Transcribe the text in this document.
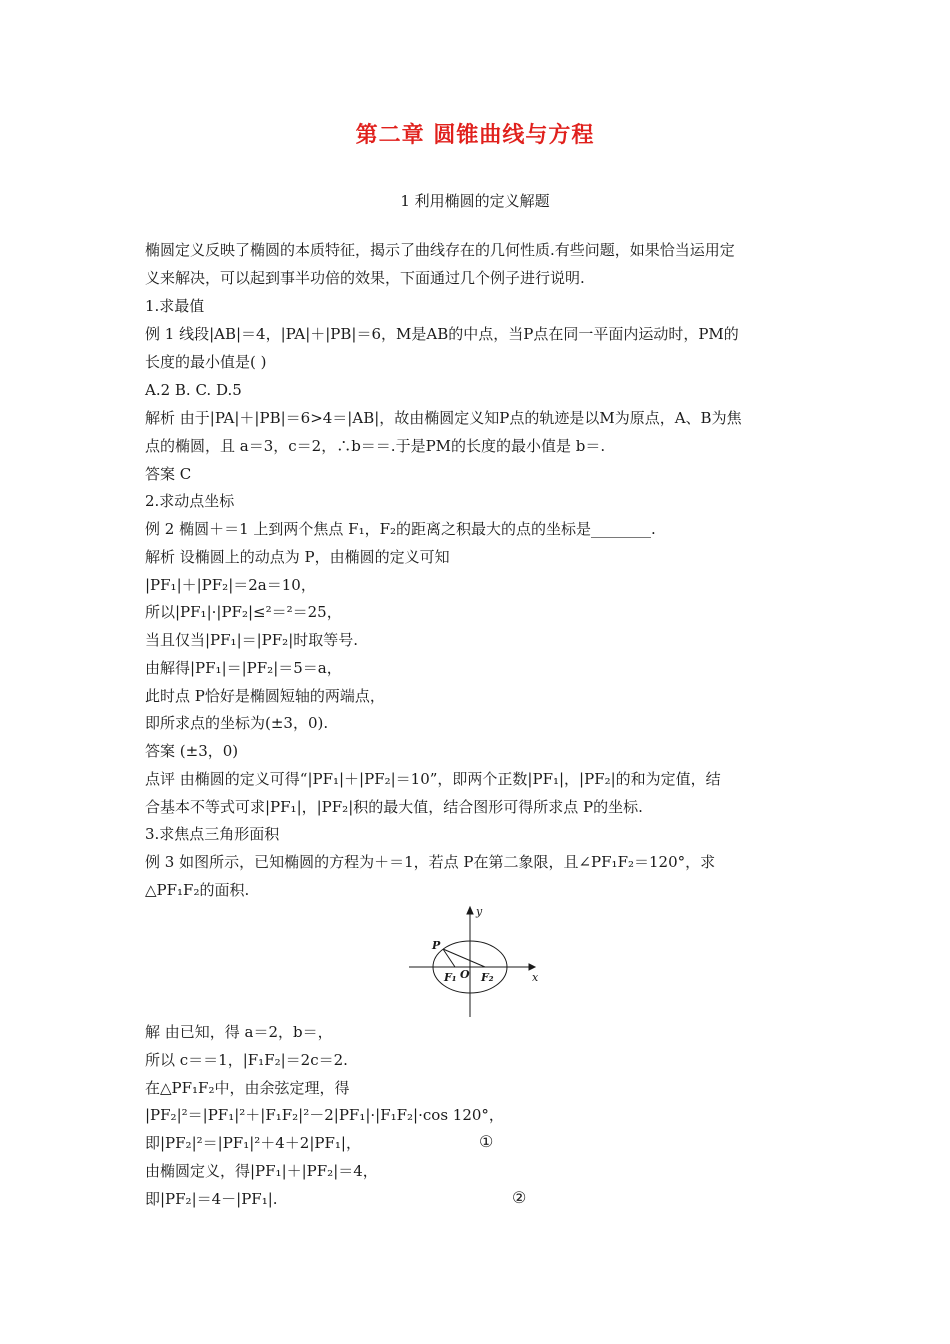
第二章 圆锥曲线与方程
1 利用椭圆的定义解题
椭圆定义反映了椭圆的本质特征，揭示了曲线存在的几何性质.有些问题，如果恰当运用定
义来解决，可以起到事半功倍的效果，下面通过几个例子进行说明.
1.求最值
例 1 线段|AB|＝4，|PA|＋|PB|＝6，M是AB的中点，当P点在同一平面内运动时，PM的
长度的最小值是( )
A.2 B. C. D.5
解析 由于|PA|＋|PB|＝6>4＝|AB|，故由椭圆定义知P点的轨迹是以M为原点，A、B为焦
点的椭圆，且 a＝3，c＝2，∴b＝＝.于是PM的长度的最小值是 b＝.
答案 C
2.求动点坐标
例 2 椭圆＋＝1 上到两个焦点 F₁，F₂的距离之积最大的点的坐标是________.
解析 设椭圆上的动点为 P，由椭圆的定义可知
|PF₁|＋|PF₂|＝2a＝10，
所以|PF₁|·|PF₂|≤²＝²＝25，
当且仅当|PF₁|＝|PF₂|时取等号.
由解得|PF₁|＝|PF₂|＝5＝a，
此时点 P恰好是椭圆短轴的两端点，
即所求点的坐标为(±3，0).
答案 (±3，0)
点评 由椭圆的定义可得“|PF₁|＋|PF₂|＝10”，即两个正数|PF₁|，|PF₂|的和为定值，结
合基本不等式可求|PF₁|，|PF₂|积的最大值，结合图形可得所求点 P的坐标.
3.求焦点三角形面积
例 3 如图所示，已知椭圆的方程为＋＝1，若点 P在第二象限，且∠PF₁F₂＝120°，求
△PF₁F₂的面积.
y
x
P
F₁ O F₂
解 由已知，得 a＝2，b＝，
所以 c＝＝1，|F₁F₂|＝2c＝2.
在△PF₁F₂中，由余弦定理，得
|PF₂|²＝|PF₁|²＋|F₁F₂|²－2|PF₁|·|F₁F₂|·cos 120°，
即|PF₂|²＝|PF₁|²＋4＋2|PF₁|，
由椭圆定义，得|PF₁|＋|PF₂|＝4，
即|PF₂|＝4－|PF₁|.
①
②
